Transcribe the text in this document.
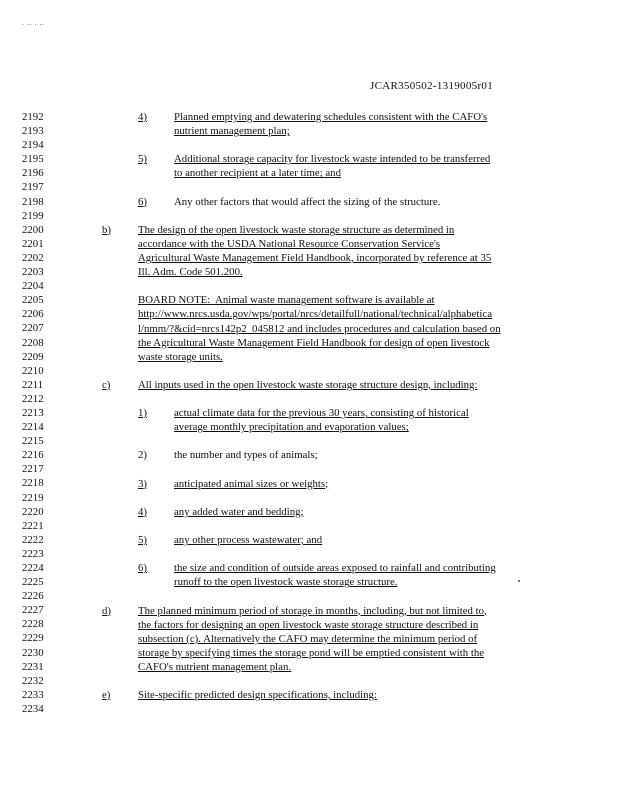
. .. . ..
JCAR350502-1319005r01
2192
2193
2194
2195
2196
2197
2198
2199
2200
2201
2202
2203
2204
2205
2206
2207
2208
2209
2210
2211
2212
2213
2214
2215
2216
2217
2218
2219
2220
2221
2222
2223
2224
2225
2226
2227
2228
2229
2230
2231
2232
2233
2234
4)	Planned emptying and dewatering schedules consistent with the CAFO's
nutrient management plan;
5)	Additional storage capacity for livestock waste intended to be transferred
to another recipient at a later time; and
6)	Any other factors that would affect the sizing of the structure.
b)	The design of the open livestock waste storage structure as determined in
accordance with the USDA National Resource Conservation Service's
Agricultural Waste Management Field Handbook, incorporated by reference at 35
Ill. Adm. Code 501.200.
BOARD NOTE:  Animal waste management software is available at
http://www.nrcs.usda.gov/wps/portal/nrcs/detailfull/national/technical/alphabetica
l/nmm/?&cid=nrcs142p2_045812 and includes procedures and calculation based on
the Agricultural Waste Management Field Handbook for design of open livestock
waste storage units.
c)	All inputs used in the open livestock waste storage structure design, including:
1)	actual climate data for the previous 30 years, consisting of historical
average monthly precipitation and evaporation values;
2)	the number and types of animals;
3)	anticipated animal sizes or weights;
4)	any added water and bedding;
5)	any other process wastewater; and
6)	the size and condition of outside areas exposed to rainfall and contributing
runoff to the open livestock waste storage structure.
d)	The planned minimum period of storage in months, including, but not limited to,
the factors for designing an open livestock waste storage structure described in
subsection (c). Alternatively the CAFO may determine the minimum period of
storage by specifying times the storage pond will be emptied consistent with the
CAFO's nutrient management plan.
e)	Site-specific predicted design specifications, including:
